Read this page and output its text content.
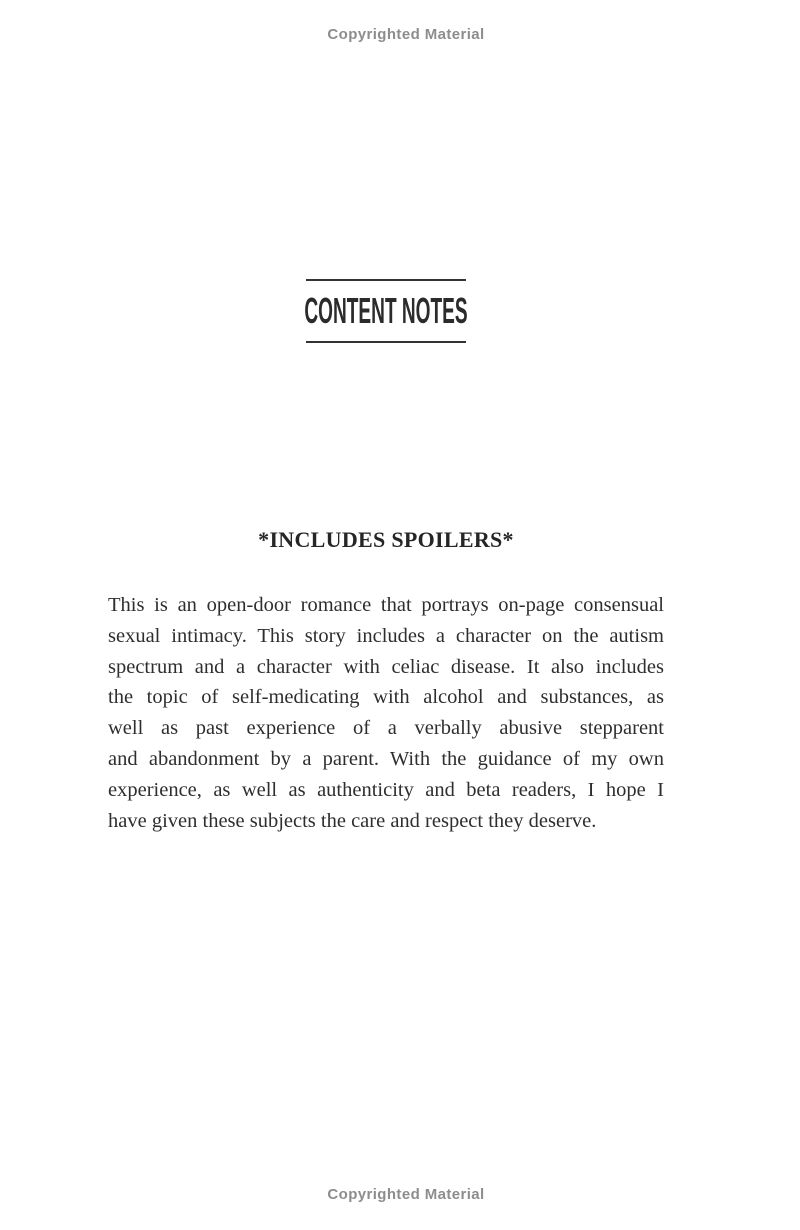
Copyrighted Material
CONTENT NOTES
*INCLUDES SPOILERS*
This is an open-door romance that portrays on-page consensual
sexual intimacy. This story includes a character on the autism
spectrum and a character with celiac disease. It also includes
the topic of self-medicating with alcohol and substances, as
well as past experience of a verbally abusive stepparent
and abandonment by a parent. With the guidance of my own
experience, as well as authenticity and beta readers, I hope I
have given these subjects the care and respect they deserve.
Copyrighted Material
